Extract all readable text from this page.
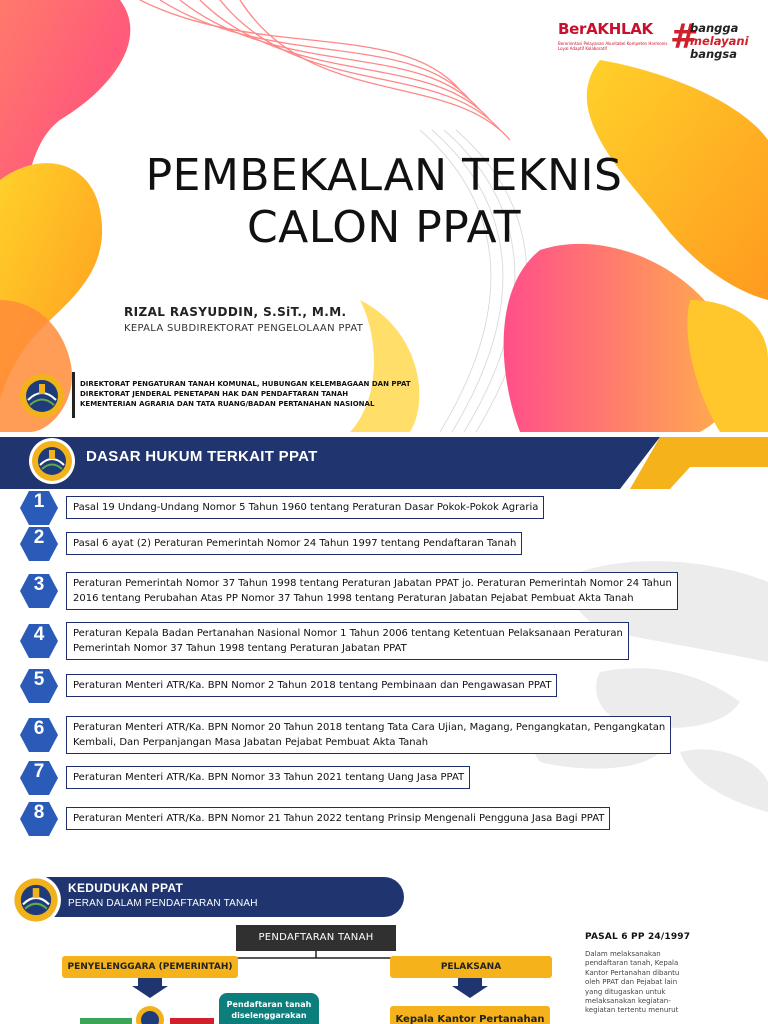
BerAKHLAK
Berorientasi Pelayanan Akuntabel Kompeten Harmonis Loyal Adaptif Kolaboratif	#
bangga
melayani
bangsa
PEMBEKALAN TEKNIS
CALON PPAT
RIZAL RASYUDDIN, S.SiT., M.M.
KEPALA SUBDIREKTORAT PENGELOLAAN PPAT
DIREKTORAT PENGATURAN TANAH KOMUNAL, HUBUNGAN KELEMBAGAAN DAN PPAT
DIREKTORAT JENDERAL PENETAPAN HAK DAN PENDAFTARAN TANAH
KEMENTERIAN AGRARIA DAN TATA RUANG/BADAN PERTANAHAN NASIONAL
DASAR HUKUM TERKAIT PPAT
1	Pasal 19 Undang-Undang Nomor 5 Tahun 1960 tentang Peraturan Dasar Pokok-Pokok Agraria
2	Pasal 6 ayat (2) Peraturan Pemerintah Nomor 24 Tahun 1997 tentang Pendaftaran Tanah
3	Peraturan Pemerintah Nomor 37 Tahun 1998 tentang Peraturan Jabatan PPAT jo. Peraturan Pemerintah Nomor 24 Tahun
2016 tentang Perubahan Atas PP Nomor 37 Tahun 1998 tentang Peraturan Jabatan Pejabat Pembuat Akta Tanah
4	Peraturan Kepala Badan Pertanahan Nasional Nomor 1 Tahun 2006 tentang Ketentuan Pelaksanaan Peraturan
Pemerintah Nomor 37 Tahun 1998 tentang Peraturan Jabatan PPAT
5	Peraturan Menteri ATR/Ka. BPN Nomor 2 Tahun 2018 tentang Pembinaan dan Pengawasan PPAT
6	Peraturan Menteri ATR/Ka. BPN Nomor 20 Tahun 2018 tentang Tata Cara Ujian, Magang, Pengangkatan, Pengangkatan
Kembali, Dan Perpanjangan Masa Jabatan Pejabat Pembuat Akta Tanah
7	Peraturan Menteri ATR/Ka. BPN Nomor 33 Tahun 2021 tentang Uang Jasa PPAT
8	Peraturan Menteri ATR/Ka. BPN Nomor 21 Tahun 2022 tentang Prinsip Mengenali Pengguna Jasa Bagi PPAT
KEDUDUKAN PPAT
PERAN DALAM PENDAFTARAN TANAH
PENDAFTARAN TANAH
PENYELENGGARA (PEMERINTAH)	PELAKSANA
Pendaftaran tanah
diselenggarakan	Kepala Kantor Pertanahan
PASAL 6 PP 24/1997
Dalam melaksanakan
pendaftaran tanah, Kepala
Kantor Pertanahan dibantu
oleh PPAT dan Pejabat lain
yang ditugaskan untuk
melaksanakan kegiatan-
kegiatan tertentu menurut
